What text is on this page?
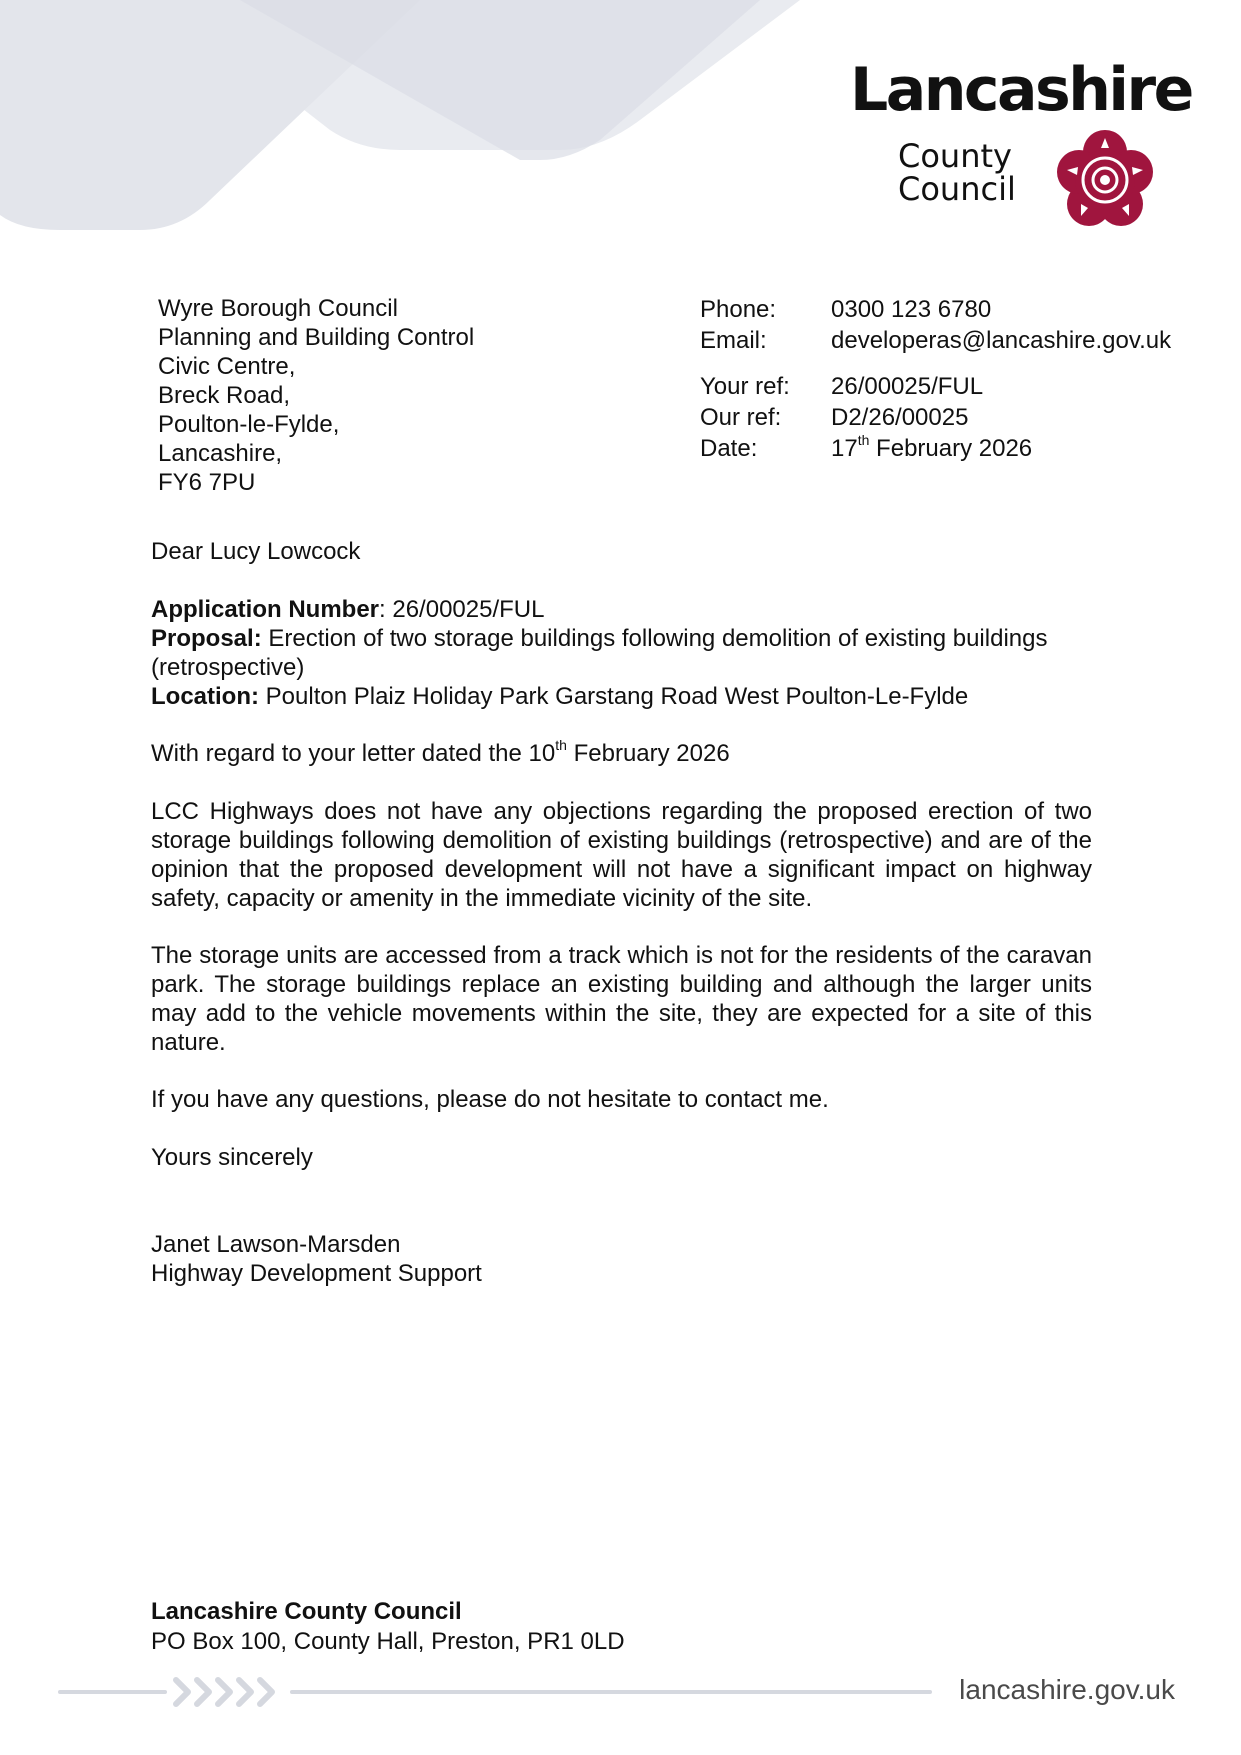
Lancashire
County
Council
Wyre Borough Council
Planning and Building Control
Civic Centre,
Breck Road,
Poulton-le-Fylde,
Lancashire,
FY6 7PU
Phone:	0300 123 6780
Email:	developeras@lancashire.gov.uk
Your ref:	26/00025/FUL
Our ref:	D2/26/00025
Date:	17th February 2026
Dear Lucy Lowcock
Application Number: 26/00025/FUL
Proposal: Erection of two storage buildings following demolition of existing buildings (retrospective)
Location: Poulton Plaiz Holiday Park Garstang Road West Poulton-Le-Fylde
With regard to your letter dated the 10th February 2026
LCC Highways does not have any objections regarding the proposed erection of two storage buildings following demolition of existing buildings (retrospective) and are of the opinion that the proposed development will not have a significant impact on highway safety, capacity or amenity in the immediate vicinity of the site.
The storage units are accessed from a track which is not for the residents of the caravan park. The storage buildings replace an existing building and although the larger units may add to the vehicle movements within the site, they are expected for a site of this nature.
If you have any questions, please do not hesitate to contact me.
Yours sincerely
Janet Lawson-Marsden
Highway Development Support
Lancashire County Council
PO Box 100, County Hall, Preston, PR1 0LD
lancashire.gov.uk
